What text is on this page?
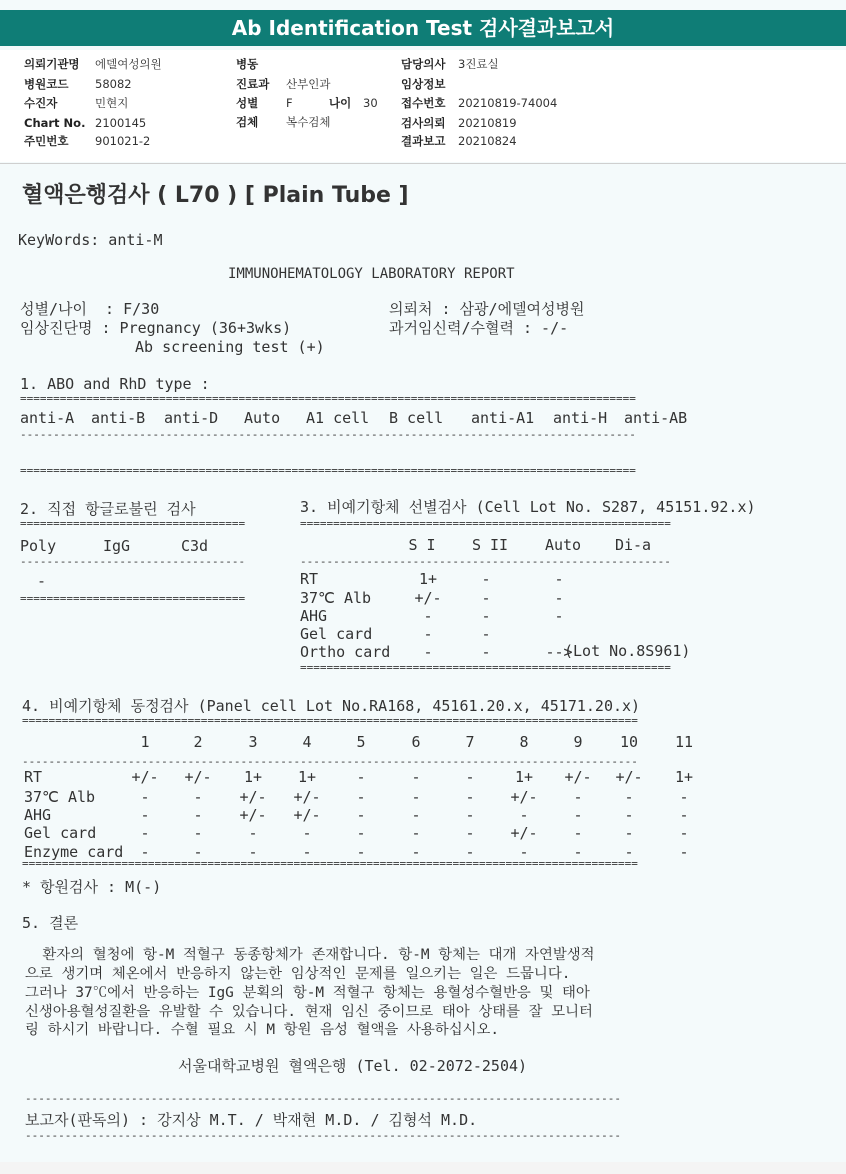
Ab Identification Test 검사결과보고서
의뢰기관명 에델여성의원
병원코드 58082
수진자	민현지
Chart No. 2100145
주민번호 901021-2
병동
진료과 산부인과
성별 F	나이 30
검체 복수검체
담당의사 3진료실
임상정보
접수번호 20210819-74004
검사의뢰 20210819
결과보고 20210824
혈액은행검사 ( L70 ) [ Plain Tube ]
KeyWords: anti-M
IMMUNOHEMATOLOGY LABORATORY REPORT
성별/나이  : F/30
임상진단명 : Pregnancy (36+3wks)
Ab screening test (+)
의뢰처 : 삼광/에델여성병원
과거임신력/수혈력 : -/-
1. ABO and RhD type :
=============================================================================================
anti-A anti-B anti-D Auto A1 cell B cell anti-A1 anti-H anti-AB
---------------------------------------------------------------------------------------------
=============================================================================================
2. 직접 항글로불린 검사
==================================
Poly	IgG	C3d
----------------------------------
-
==================================
3. 비예기항체 선별검사 (Cell Lot No. S287, 45151.92.x)
========================================================
S I	S II	Auto	Di-a
--------------------------------------------------------
RT	1+	-	-
37℃ Alb	+/-	-	-
AHG	-	-	-
Gel card	-	-
Ortho card	-	-	-->
(Lot No.8S961)
========================================================
4. 비예기항체 동정검사 (Panel cell Lot No.RA168, 45161.20.x, 45171.20.x)
=============================================================================================
1	2	3	4	5	6	7	8	9	10	11
---------------------------------------------------------------------------------------------
RT	+/-	+/-	1+	1+	-	-	-	1+	+/-	+/-	1+
37℃ Alb	-	-	+/-	+/-	-	-	-	+/-	-	-	-
AHG	-	-	+/-	+/-	-	-	-	-	-	-	-
Gel card	-	-	-	-	-	-	-	+/-	-	-	-
Enzyme card	-	-	-	-	-	-	-	-	-	-	-
=============================================================================================
* 항원검사 : M(-)
5. 결론
환자의 혈청에 항-M 적혈구 동종항체가 존재합니다. 항-M 항체는 대개 자연발생적
으로 생기며 체온에서 반응하지 않는한 임상적인 문제를 일으키는 일은 드뭅니다.
그러나 37℃에서 반응하는 IgG 분획의 항-M 적혈구 항체는 용혈성수혈반응 및 태아
신생아용혈성질환을 유발할 수 있습니다. 현재 임신 중이므로 태아 상태를 잘 모니터
링 하시기 바랍니다. 수혈 필요 시 M 항원 음성 혈액을 사용하십시오.
서울대학교병원 혈액은행 (Tel. 02-2072-2504)
------------------------------------------------------------------------------------------
보고자(판독의) : 강지상 M.T. / 박재현 M.D. / 김형석 M.D.
------------------------------------------------------------------------------------------
